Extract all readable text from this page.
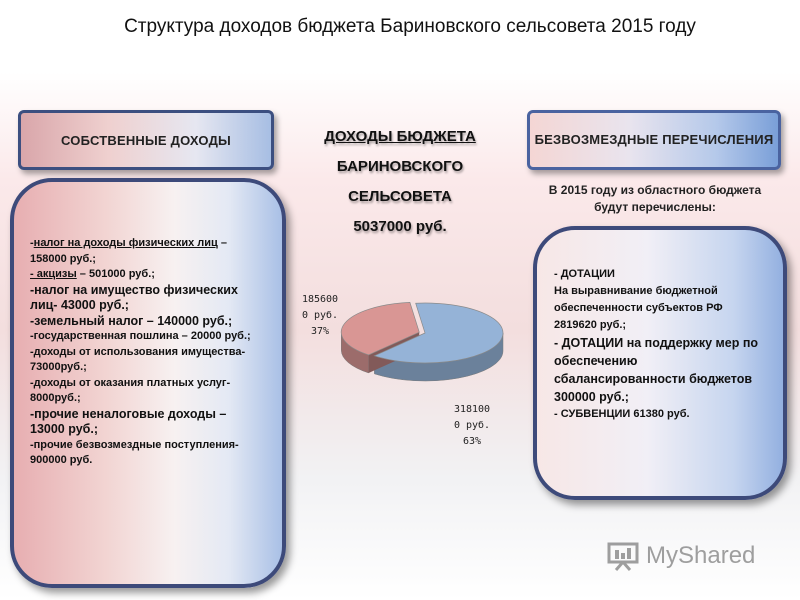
Структура доходов бюджета Бариновского сельсовета 2015 году
СОБСТВЕННЫЕ ДОХОДЫ
-налог на доходы физических лиц – 158000 руб.;
- акцизы – 501000 руб.;
-налог на имущество физических лиц- 43000 руб.;
-земельный налог – 140000 руб.;
-государственная пошлина – 20000 руб.;
-доходы от использования имущества- 73000руб.;
-доходы от оказания платных услуг- 8000руб.;
-прочие неналоговые доходы – 13000 руб.;
-прочие безвозмездные поступления- 900000 руб.
ДОХОДЫ БЮДЖЕТА
БАРИНОВСКОГО
СЕЛЬСОВЕТА
5037000 руб.
318100
0 руб.
63%
185600
0 руб.
37%
БЕЗВОЗМЕЗДНЫЕ ПЕРЕЧИСЛЕНИЯ
В 2015 году из областного бюджета будут перечислены:
- ДОТАЦИИ
На выравнивание бюджетной обеспеченности субъектов РФ 2819620 руб.;
- ДОТАЦИИ на поддержку мер по обеспечению сбалансированности бюджетов 300000 руб.;
- СУБВЕНЦИИ 61380 руб.
MyShared
